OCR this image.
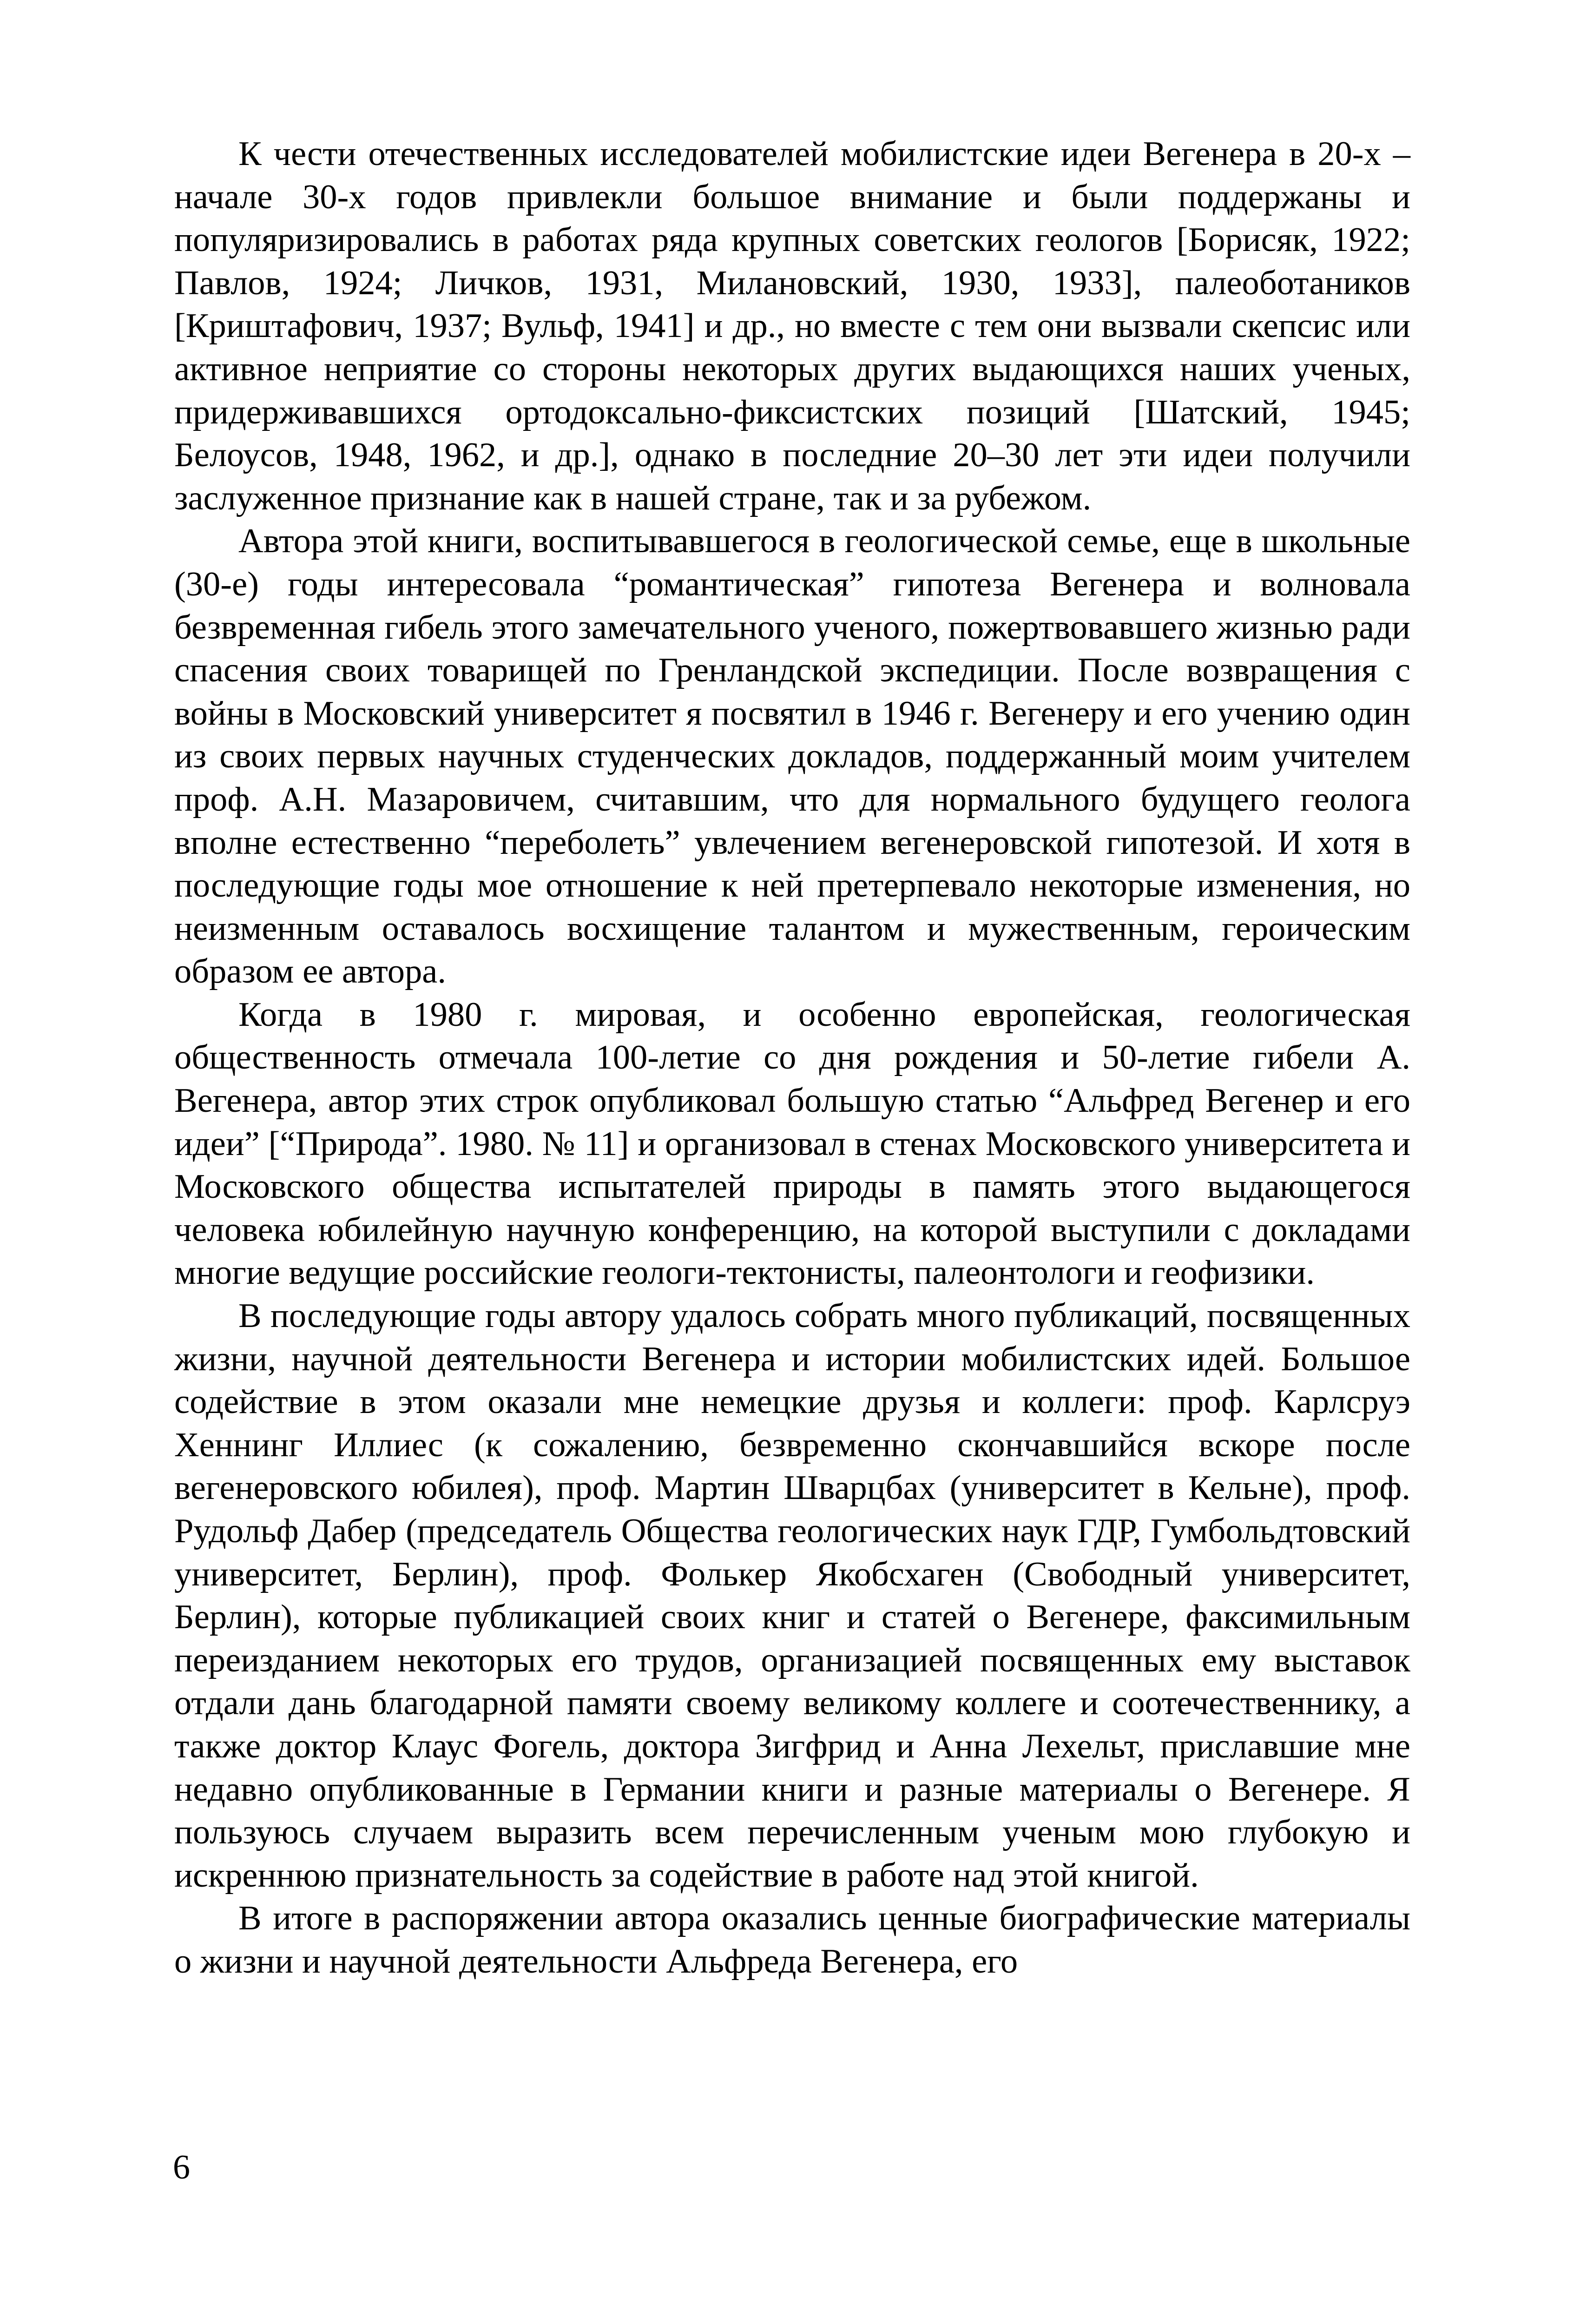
К чести отечественных исследователей мобилистские идеи Вегенера в 20-х – начале 30-х годов привлекли большое внимание и были поддержаны и популяризировались в работах ряда крупных советских геологов [Борисяк, 1922; Павлов, 1924; Личков, 1931, Милановский, 1930, 1933], палеоботаников [Криштафович, 1937; Вульф, 1941] и др., но вместе с тем они вызвали скепсис или активное неприятие со стороны некоторых других выдающихся наших ученых, придерживавшихся ортодоксально-фиксистских позиций [Шатский, 1945; Белоусов, 1948, 1962, и др.], однако в последние 20–30 лет эти идеи получили заслуженное признание как в нашей стране, так и за рубежом.

Автора этой книги, воспитывавшегося в геологической семье, еще в школьные (30-е) годы интересовала “романтическая” гипотеза Вегенера и волновала безвременная гибель этого замечательного ученого, пожертвовавшего жизнью ради спасения своих товарищей по Гренландской экспедиции. После возвращения с войны в Московский университет я посвятил в 1946 г. Вегенеру и его учению один из своих первых научных студенческих докладов, поддержанный моим учителем проф. А.Н. Мазаровичем, считавшим, что для нормального будущего геолога вполне естественно “переболеть” увлечением вегенеровской гипотезой. И хотя в последующие годы мое отношение к ней претерпевало некоторые изменения, но неизменным оставалось восхищение талантом и мужественным, героическим образом ее автора.

Когда в 1980 г. мировая, и особенно европейская, геологическая общественность отмечала 100-летие со дня рождения и 50-летие гибели А. Вегенера, автор этих строк опубликовал большую статью “Альфред Вегенер и его идеи” [“Природа”. 1980. № 11] и организовал в стенах Московского университета и Московского общества испытателей природы в память этого выдающегося человека юбилейную научную конференцию, на которой выступили с докладами многие ведущие российские геологи-тектонисты, палеонтологи и геофизики.

В последующие годы автору удалось собрать много публикаций, посвященных жизни, научной деятельности Вегенера и истории мобилистских идей. Большое содействие в этом оказали мне немецкие друзья и коллеги: проф. Карлсруэ Хеннинг Иллиес (к сожалению, безвременно скончавшийся вскоре после вегенеровского юбилея), проф. Мартин Шварцбах (университет в Кельне), проф. Рудольф Дабер (председатель Общества геологических наук ГДР, Гумбольдтовский университет, Берлин), проф. Фолькер Якобсхаген (Свободный университет, Берлин), которые публикацией своих книг и статей о Вегенере, факсимильным переизданием некоторых его трудов, организацией посвященных ему выставок отдали дань благодарной памяти своему великому коллеге и соотечественнику, а также доктор Клаус Фогель, доктора Зигфрид и Анна Лехельт, приславшие мне недавно опубликованные в Германии книги и разные материалы о Вегенере. Я пользуюсь случаем выразить всем перечисленным ученым мою глубокую и искреннюю признательность за содействие в работе над этой книгой.

В итоге в распоряжении автора оказались ценные биографические материалы о жизни и научной деятельности Альфреда Вегенера, его

6
